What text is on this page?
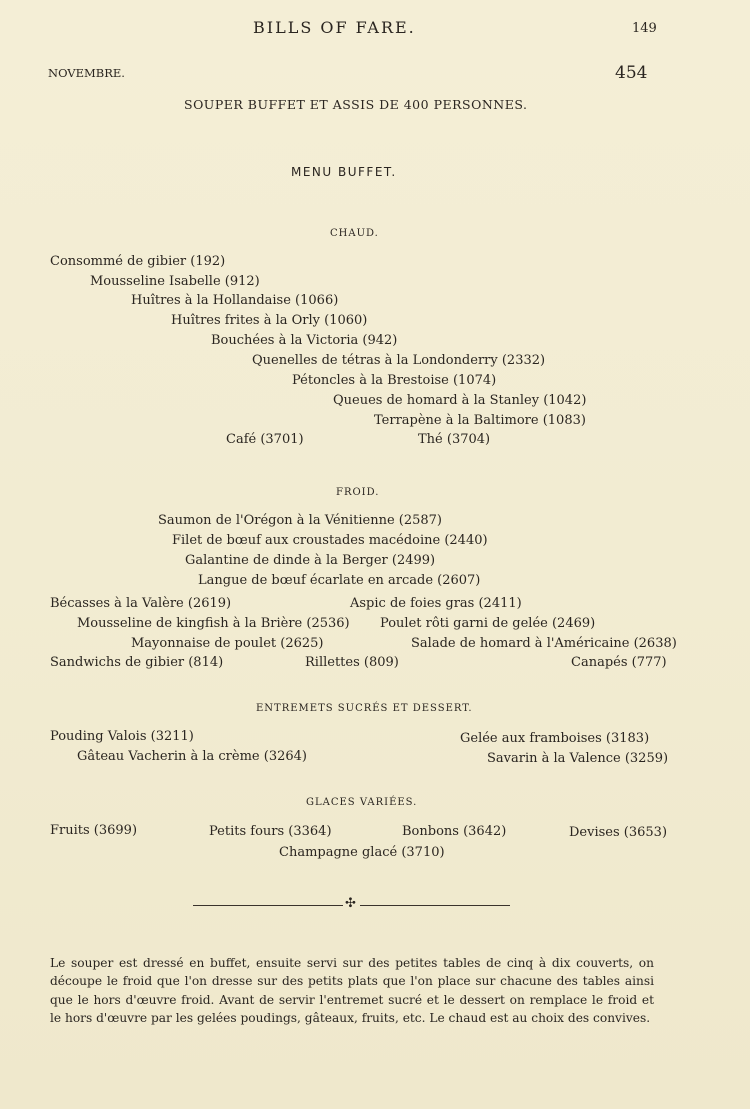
BILLS OF FARE.	149
NOVEMBRE.	454
SOUPER BUFFET ET ASSIS DE 400 PERSONNES.
MENU BUFFET.
CHAUD.
Consommé de gibier (192)
Mousseline Isabelle (912)
Huîtres à la Hollandaise (1066)
Huîtres frites à la Orly (1060)
Bouchées à la Victoria (942)
Quenelles de tétras à la Londonderry (2332)
Pétoncles à la Brestoise (1074)
Queues de homard à la Stanley (1042)
Terrapène à la Baltimore (1083)
Café (3701)	Thé (3704)
FROID.
Saumon de l'Orégon à la Vénitienne (2587)
Filet de bœuf aux croustades macédoine (2440)
Galantine de dinde à la Berger (2499)
Langue de bœuf écarlate en arcade (2607)
Bécasses à la Valère (2619)	Aspic de foies gras (2411)
Mousseline de kingfish à la Brière (2536) Poulet rôti garni de gelée (2469)
Mayonnaise de poulet (2625)	Salade de homard à l'Américaine (2638)
Sandwichs de gibier (814)	Rillettes (809)	Canapés (777)
ENTREMETS SUCRÉS ET DESSERT.
Pouding Valois (3211)	Gelée aux framboises (3183)
Gâteau Vacherin à la crème (3264)	Savarin à la Valence (3259)
GLACES VARIÉES.
Fruits (3699)	Petits fours (3364)	Bonbons (3642)	Devises (3653)
Champagne glacé (3710)
✣
Le souper est dressé en buffet, ensuite servi sur des petites tables de cinq à dix couverts, on découpe le froid que l'on dresse sur des petits plats que l'on place sur chacune des tables ainsi que le hors d'œuvre froid. Avant de servir l'entremet sucré et le dessert on remplace le froid et le hors d'œuvre par les gelées poudings, gâteaux, fruits, etc. Le chaud est au choix des convives.
